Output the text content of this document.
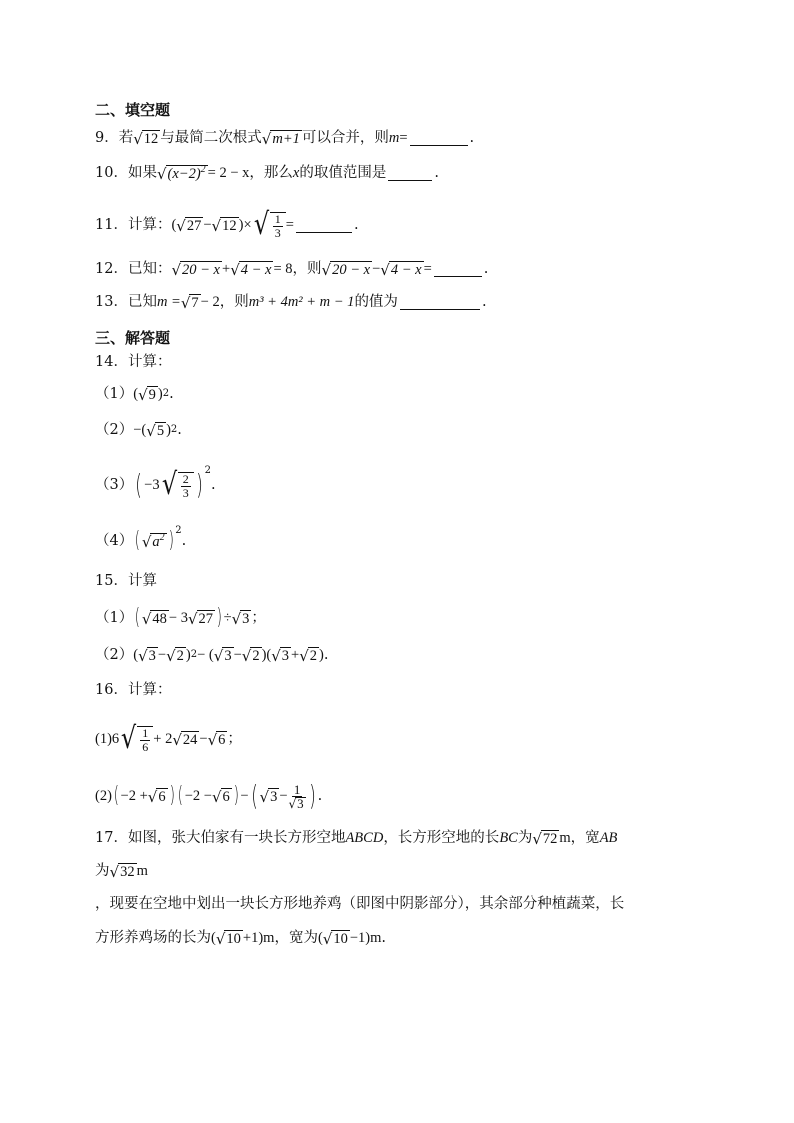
二、填空题
9．若 √ 12 与最简二次根式 √ m+1 可以合并，则 m =	.
10．如果 √ $(x-2)^2 = 2 - x$，那么 x 的取值范围是	.
11．计算： ( √ 27 − √ 12 )× √ $\frac{1}{3}$ =	.
12．已知： √ 20 − x + √ 4 − x = 8，则 √ 20 − x − √ 4 − x =	.
13．已知 m = √ 7 − 2，则 m³ + 4m² + m − 1 的值为	.
三、解答题
14．计算：
（1） ( √ 9 ) 2 .
（2） −( √ 5 ) 2 .
（3） ( −3 √ $\frac{2}{3} )^2$
.
（4） ( √ $a^2$ )$^2$
.
15．计算
（1） ( √ 48 − 3 √ 27 ) ÷ √ 3 ；
（2） ( √ 3 − √ 2 ) 2 − ( √ 3 − √ 2 )( √ 3 + √ 2 ) .
16．计算：
(1) 6 √ $\frac{1}{6} + 2$ √ 24 − √ 6 ；
(2) ( −2 + √ 6 ) ( −2 − √ 6 ) − ( √ $3 - \frac{1}{√ 3}$ ) .
17．如图，张大伯家有一块长方形空地 ABCD ，长方形空地的长 BC 为 √ 72 m，宽 AB
为 √ 32 m
，现要在空地中划出一块长方形地养鸡（即图中阴影部分），其余部分种植蔬菜，长
方形养鸡场的长为 ( √ 10 +1)m，宽为 ( √ 10 −1)m .
